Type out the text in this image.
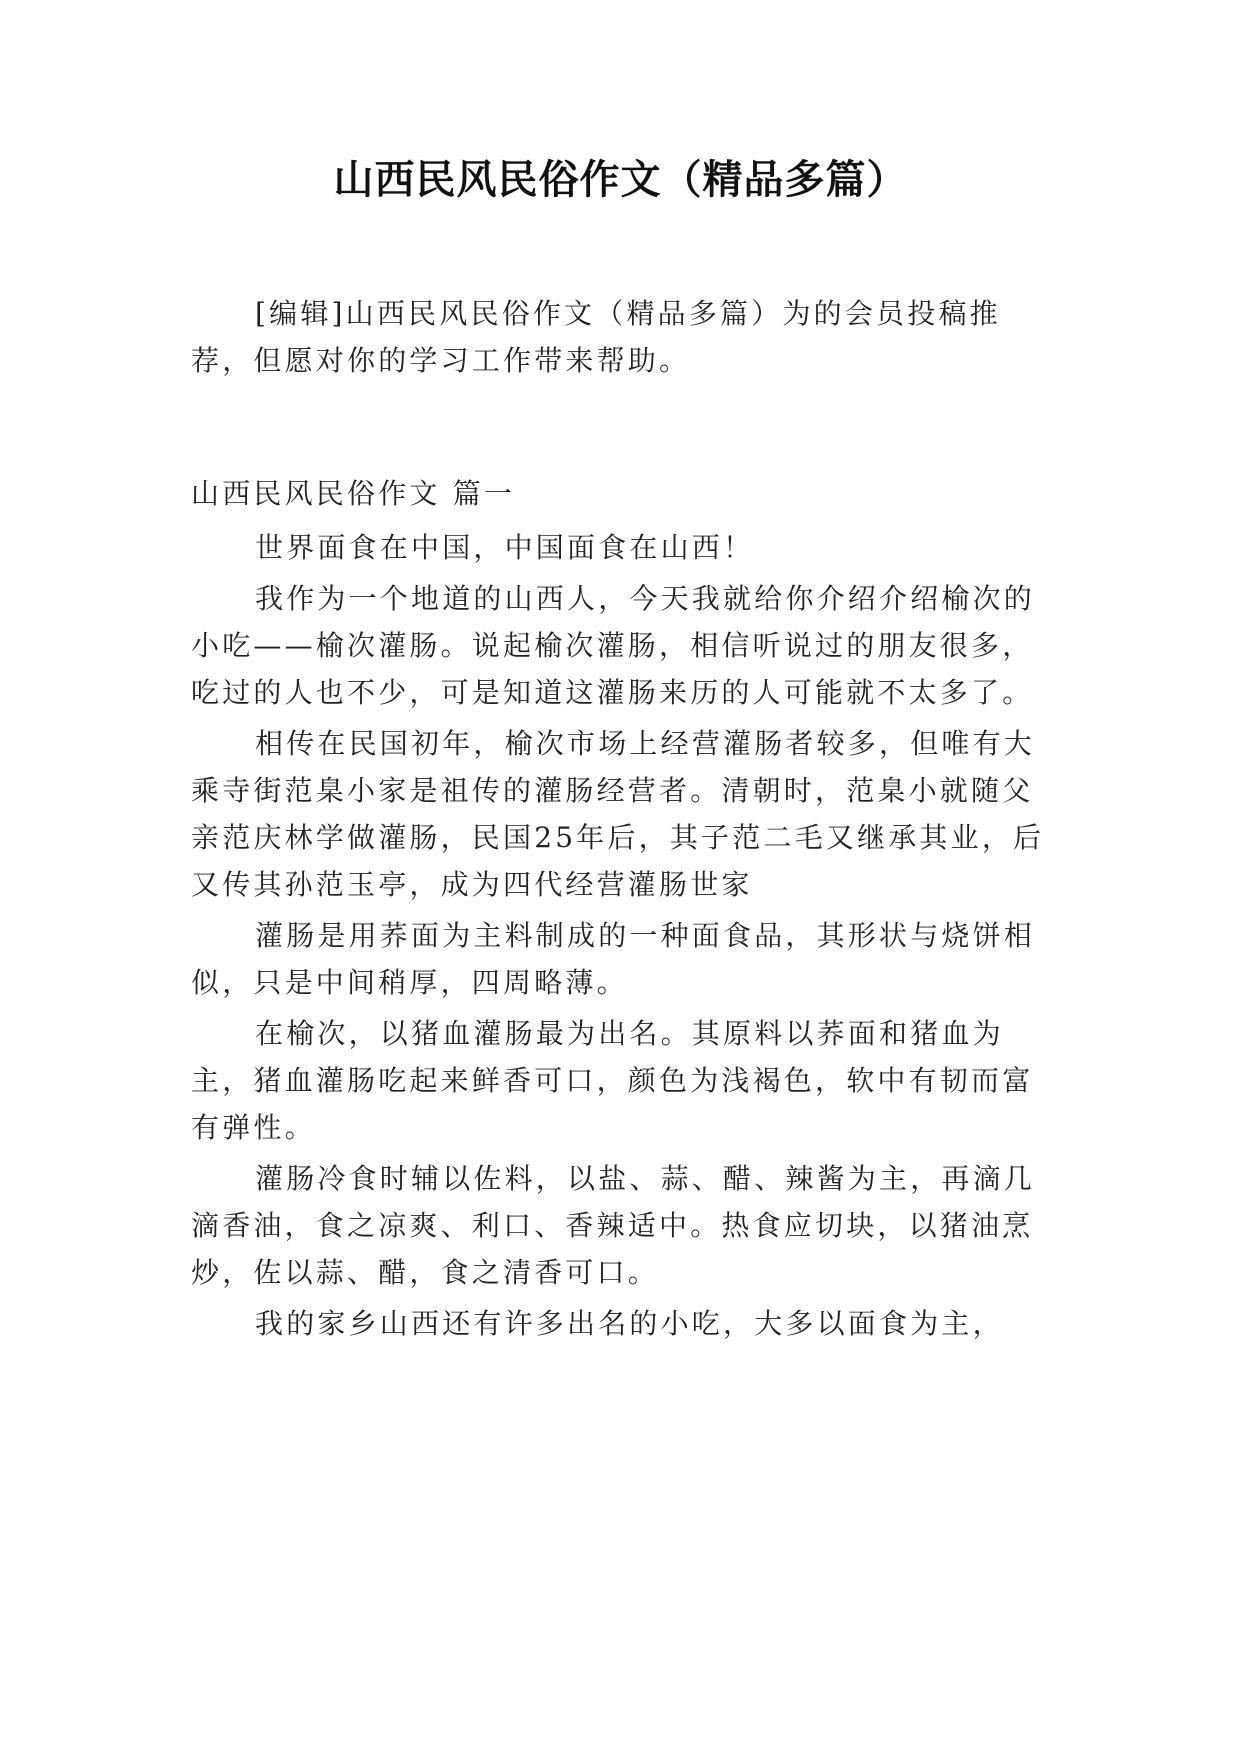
山西民风民俗作文（精品多篇）

[编辑]山西民风民俗作文（精品多篇）为的会员投稿推荐，但愿对你的学习工作带来帮助。

山西民风民俗作文 篇一

世界面食在中国，中国面食在山西！

我作为一个地道的山西人，今天我就给你介绍介绍榆次的小吃——榆次灌肠。说起榆次灌肠，相信听说过的朋友很多，吃过的人也不少，可是知道这灌肠来历的人可能就不太多了。

相传在民国初年，榆次市场上经营灌肠者较多，但唯有大乘寺街范臬小家是祖传的灌肠经营者。清朝时，范臬小就随父亲范庆林学做灌肠，民国25年后，其子范二毛又继承其业，后又传其孙范玉亭，成为四代经营灌肠世家

灌肠是用荞面为主料制成的一种面食品，其形状与烧饼相似，只是中间稍厚，四周略薄。

在榆次，以猪血灌肠最为出名。其原料以荞面和猪血为主，猪血灌肠吃起来鲜香可口，颜色为浅褐色，软中有韧而富有弹性。

灌肠冷食时辅以佐料，以盐、蒜、醋、辣酱为主，再滴几滴香油，食之凉爽、利口、香辣适中。热食应切块，以猪油烹炒，佐以蒜、醋，食之清香可口。

我的家乡山西还有许多出名的小吃，大多以面食为主，
